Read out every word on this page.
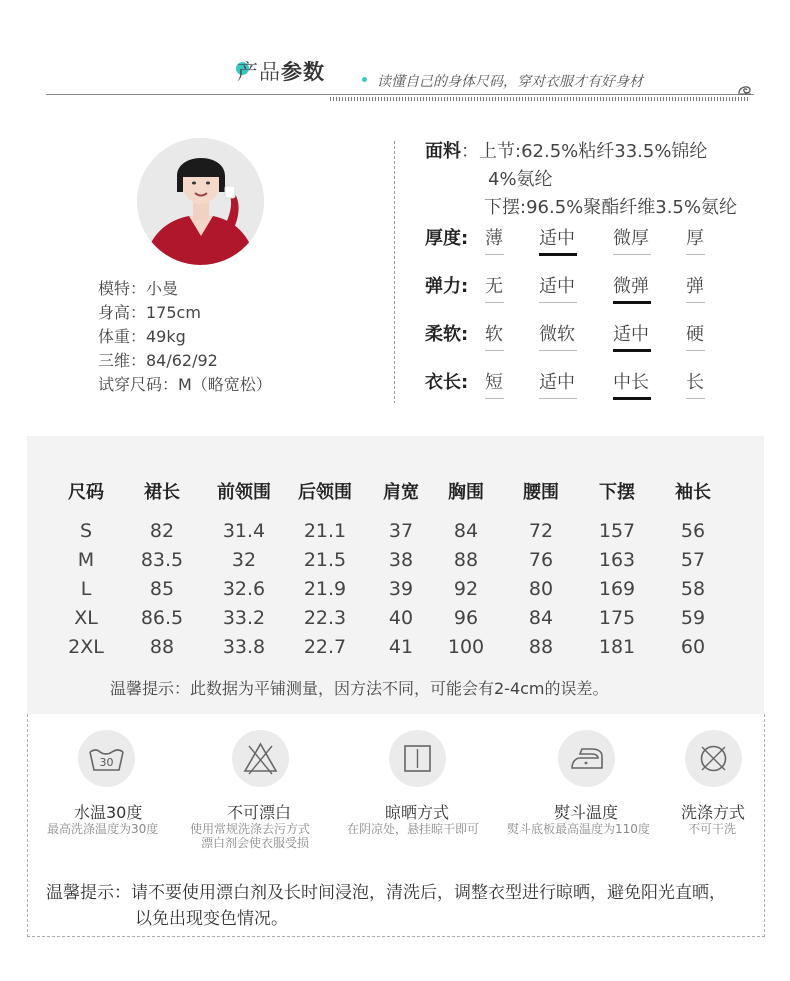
产品参数	读懂自己的身体尺码，穿对衣服才有好身材
模特：小曼
身高：175cm
体重：49kg
三维：84/62/92
试穿尺码：M（略宽松）
面料：上节:62.5%粘纤33.5%锦纶
4%氨纶
下摆:96.5%聚酯纤维3.5%氨纶
厚度: 薄 适中 微厚 厚
弹力: 无 适中 微弹 弹
柔软: 软 微软 适中 硬
衣长: 短 适中 中长 长
尺码	裙长	前领围	后领围	肩宽	胸围	腰围	下摆	袖长
S	82	31.4	21.1	37	84	72	157	56
M	83.5	32	21.5	38	88	76	163	57
L	85	32.6	21.9	39	92	80	169	58
XL	86.5	33.2	22.3	40	96	84	175	59
2XL	88	33.8	22.7	41	100	88	181	60
温馨提示：此数据为平铺测量，因方法不同，可能会有2-4cm的误差。
30
水温30度
最高洗涤温度为30度
不可漂白
使用常规洗涤去污方式
漂白剂会使衣服受损
晾晒方式
在阴凉处，悬挂晾干即可
熨斗温度
熨斗底板最高温度为110度
洗涤方式
不可干洗
温馨提示：请不要使用漂白剂及长时间浸泡，清洗后，调整衣型进行晾晒，避免阳光直晒，
以免出现变色情况。
